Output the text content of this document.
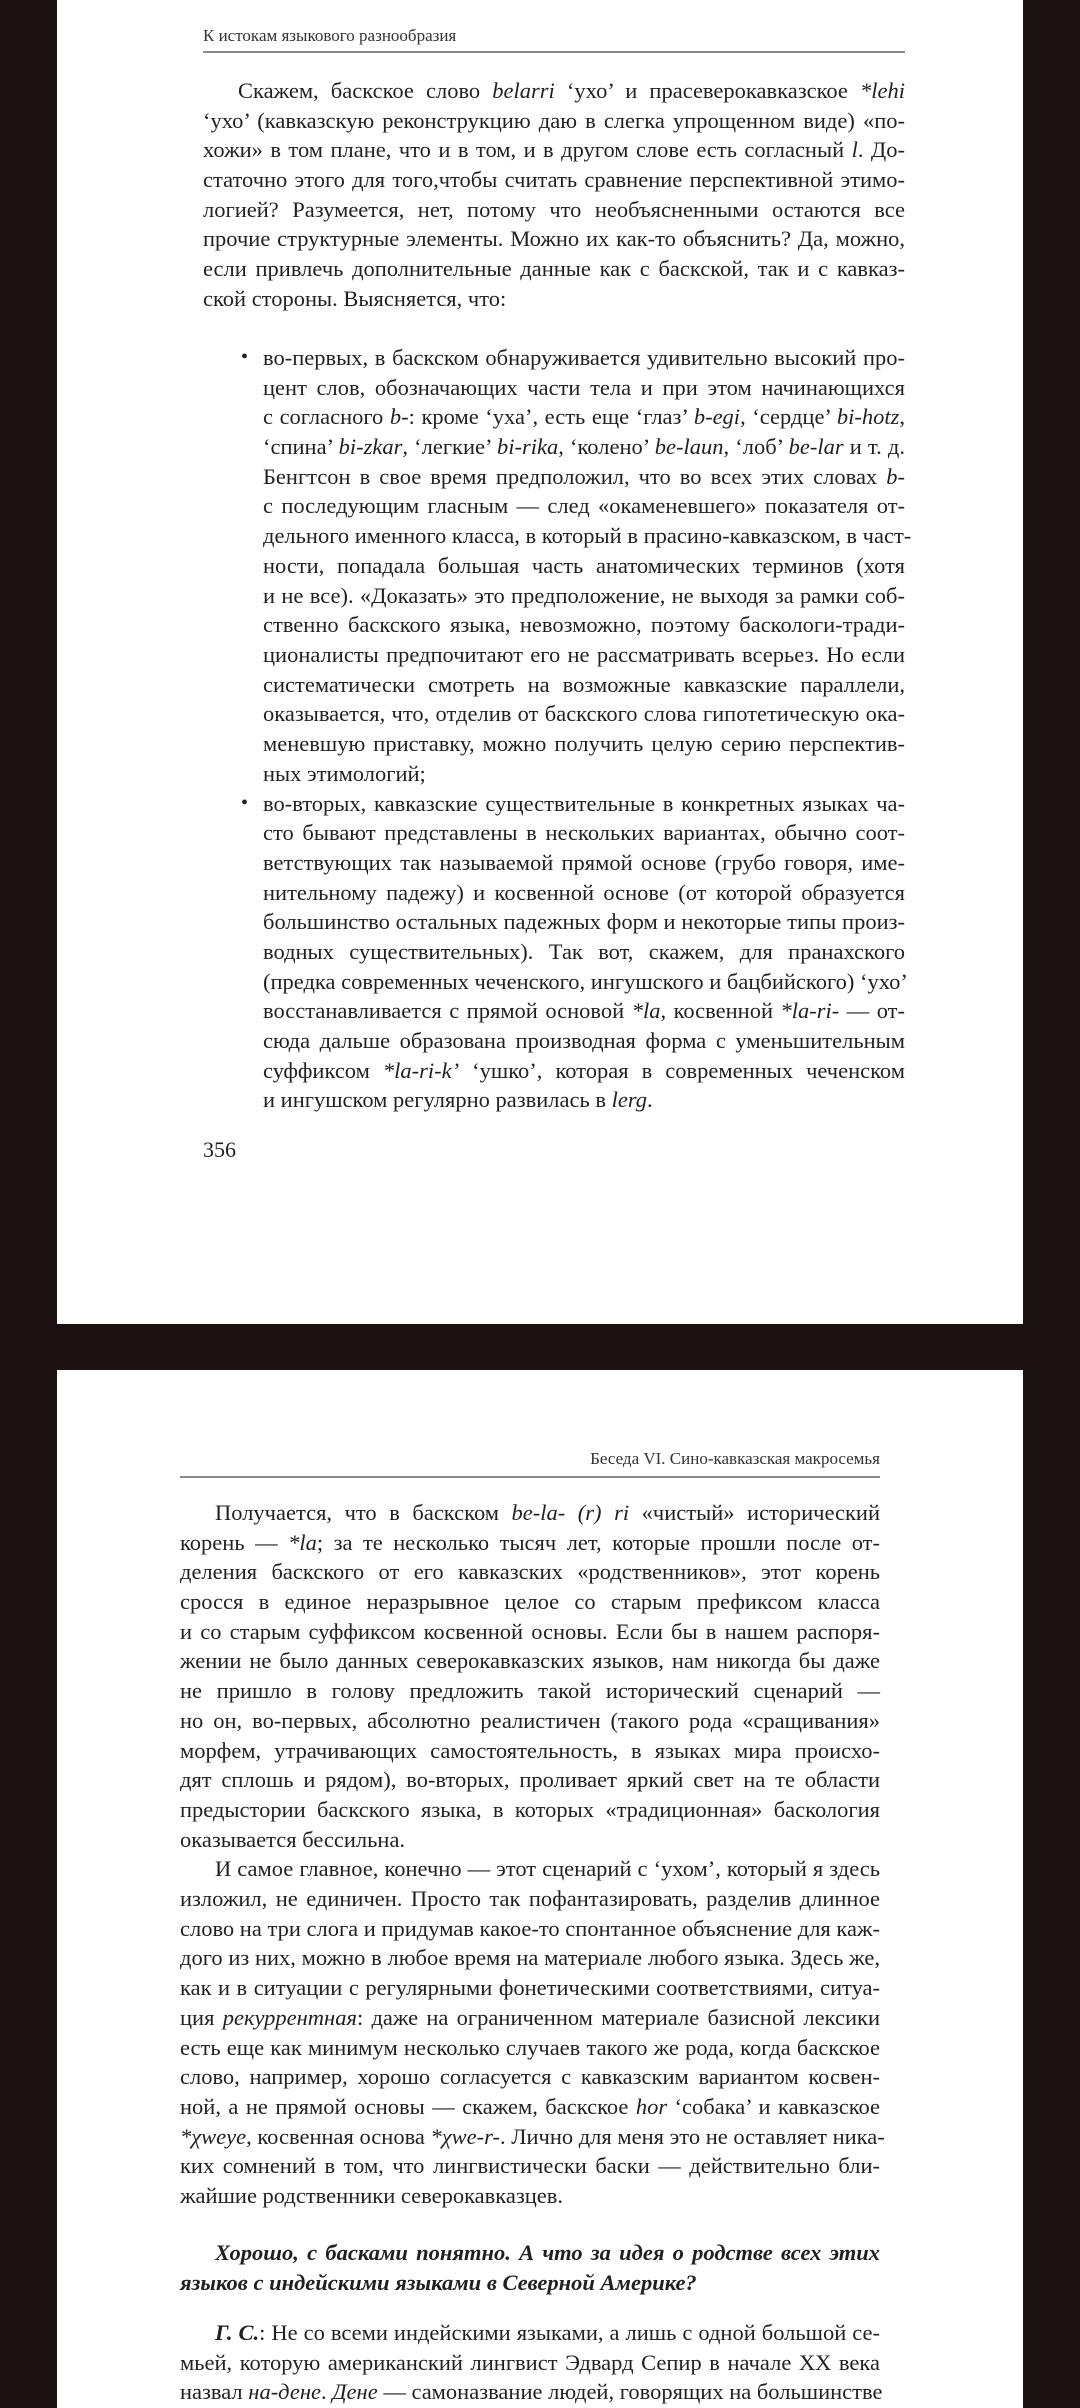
К истокам языкового разнообразия
Скажем, баскское слово belarri ʻухо’ и прасеверокавказское *lehi
ʻухо’ (кавказскую реконструкцию даю в слегка упрощенном виде) «по-
хожи» в том плане, что и в том, и в другом слове есть согласный l. До-
статочно этого для того,чтобы считать сравнение перспективной этимо-
логией? Разумеется, нет, потому что необъясненными остаются все
прочие структурные элементы. Можно их как-то объяснить? Да, можно,
если привлечь дополнительные данные как с баскской, так и с кавказ-
ской стороны. Выясняется, что:
• во-первых, в баскском обнаруживается удивительно высокий про-
цент слов, обозначающих части тела и при этом начинающихся
с согласного b-: кроме ʻуха’, есть еще ʻглаз’ b-egi, ʻсердце’ bi-hotz,
ʻспина’ bi-zkar, ʻлегкие’ bi-rika, ʻколено’ be-laun, ʻлоб’ be-lar и т. д.
Бенгтсон в свое время предположил, что во всех этих словах b-
с последующим гласным — след «окаменевшего» показателя от-
дельного именного класса, в который в прасино-кавказском, в част-
ности, попадала большая часть анатомических терминов (хотя
и не все). «Доказать» это предположение, не выходя за рамки соб-
ственно баскского языка, невозможно, поэтому баскологи-тради-
ционалисты предпочитают его не рассматривать всерьез. Но если
систематически смотреть на возможные кавказские параллели,
оказывается, что, отделив от баскского слова гипотетическую ока-
меневшую приставку, можно получить целую серию перспектив-
ных этимологий;
• во-вторых, кавказские существительные в конкретных языках ча-
сто бывают представлены в нескольких вариантах, обычно соот-
ветствующих так называемой прямой основе (грубо говоря, име-
нительному падежу) и косвенной основе (от которой образуется
большинство остальных падежных форм и некоторые типы произ-
водных существительных). Так вот, скажем, для пранахского
(предка современных чеченского, ингушского и бацбийского) ʻухо’
восстанавливается с прямой основой *la, косвенной *la-ri- — от-
сюда дальше образована производная форма с уменьшительным
суффиксом *la-ri-k’ ʻушко’, которая в современных чеченском
и ингушском регулярно развилась в lerg.
356
Беседа VI. Сино-кавказская макросемья
Получается, что в баскском be-la- (r) ri «чистый» исторический
корень — *la; за те несколько тысяч лет, которые прошли после от-
деления баскского от его кавказских «родственников», этот корень
сросся в единое неразрывное целое со старым префиксом класса
и со старым суффиксом косвенной основы. Если бы в нашем распоря-
жении не было данных северокавказских языков, нам никогда бы даже
не пришло в голову предложить такой исторический сценарий —
но он, во-первых, абсолютно реалистичен (такого рода «сращивания»
морфем, утрачивающих самостоятельность, в языках мира происхо-
дят сплошь и рядом), во-вторых, проливает яркий свет на те области
предыстории баскского языка, в которых «традиционная» баскология
оказывается бессильна.
И самое главное, конечно — этот сценарий с ʻухом’, который я здесь
изложил, не единичен. Просто так пофантазировать, разделив длинное
слово на три слога и придумав какое-то спонтанное объяснение для каж-
дого из них, можно в любое время на материале любого языка. Здесь же,
как и в ситуации с регулярными фонетическими соответствиями, ситуа-
ция рекуррентная: даже на ограниченном материале базисной лексики
есть еще как минимум несколько случаев такого же рода, когда баскское
слово, например, хорошо согласуется с кавказским вариантом косвен-
ной, а не прямой основы — скажем, баскское hor ʻсобака’ и кавказское
*χweye, косвенная основа *χwe-r-. Лично для меня это не оставляет ника-
ких сомнений в том, что лингвистически баски — действительно бли-
жайшие родственники северокавказцев.
Хорошо, с басками понятно. А что за идея о родстве всех этих
языков с индейскими языками в Северной Америке?
Г. С.: Не со всеми индейскими языками, а лишь с одной большой се-
мьей, которую американский лингвист Эдвард Сепир в начале XX века
назвал на-дене. Дене — самоназвание людей, говорящих на большинстве
